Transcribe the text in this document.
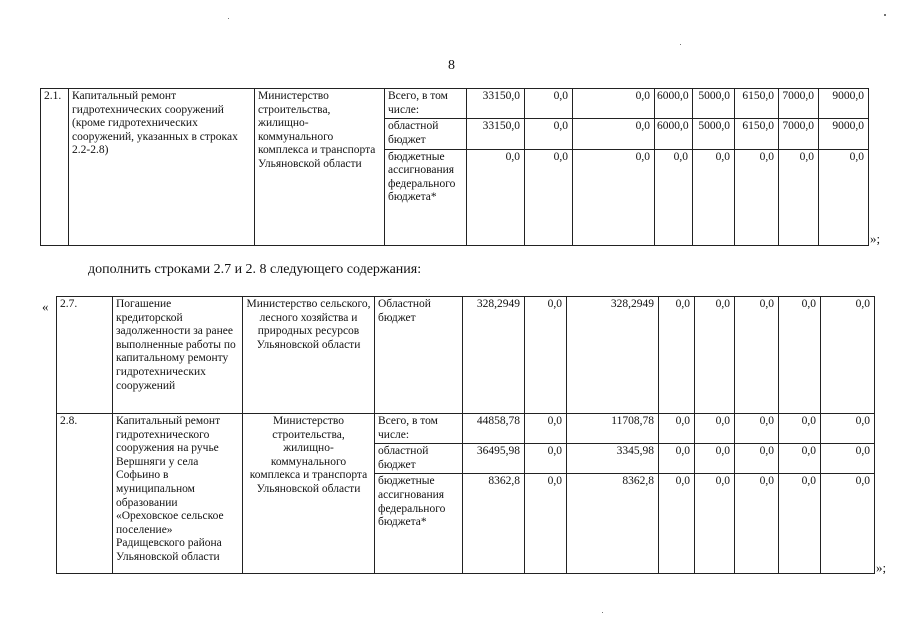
8
2.1.	Капитальный ремонт гидротехнических сооружений (кроме гидротехнических сооружений, указанных в строках 2.2-2.8)	Министерство строительства, жилищно-коммунального комплекса и транспорта Ульяновской области	Всего, в том числе:	33150,0	0,0	0,0	6000,0	5000,0	6150,0	7000,0	9000,0
			областной бюджет	33150,0	0,0	0,0	6000,0	5000,0	6150,0	7000,0	9000,0
			бюджетные ассигнования федерального бюджета*	0,0	0,0	0,0	0,0	0,0	0,0	0,0	0,0
»;
дополнить строками 2.7 и 2. 8 следующего содержания:
« 2.7.	Погашение кредиторской задолженности за ранее выполненные работы по капитальному ремонту гидротехнических сооружений	Министерство сельского, лесного хозяйства и природных ресурсов Ульяновской области	Областной бюджет	328,2949	0,0	328,2949	0,0	0,0	0,0	0,0	0,0
2.8.	Капитальный ремонт гидротехнического сооружения на ручье Вершняги у села Софьино в муниципальном образовании «Ореховское сельское поселение» Радищевского района Ульяновской области	Министерство строительства, жилищно-коммунального комплекса и транспорта Ульяновской области	Всего, в том числе:	44858,78	0,0	11708,78	0,0	0,0	0,0	0,0	0,0
			областной бюджет	36495,98	0,0	3345,98	0,0	0,0	0,0	0,0	0,0
			бюджетные ассигнования федерального бюджета*	8362,8	0,0	8362,8	0,0	0,0	0,0	0,0	0,0
»;
